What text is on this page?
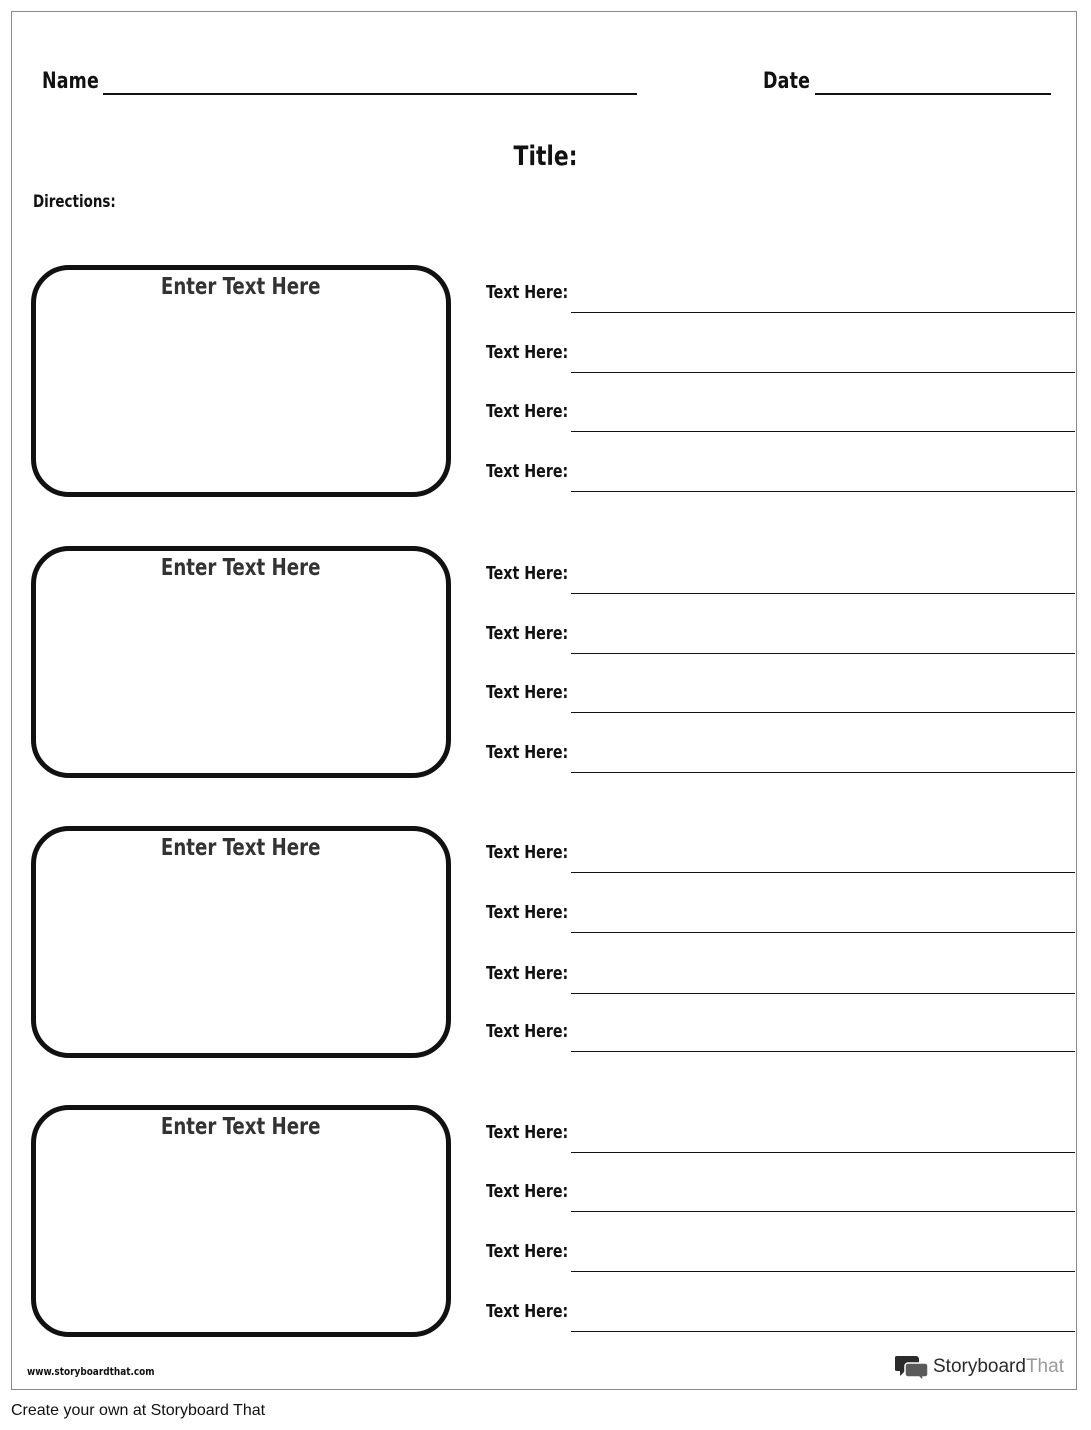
Name	Date
Title:
Directions:
Enter Text Here	Text Here:
Text Here:
Text Here:
Text Here:
Enter Text Here	Text Here:
Text Here:
Text Here:
Text Here:
Enter Text Here	Text Here:
Text Here:
Text Here:
Text Here:
Enter Text Here	Text Here:
Text Here:
Text Here:
Text Here:
www.storyboardthat.com	StoryboardThat
Create your own at Storyboard That
